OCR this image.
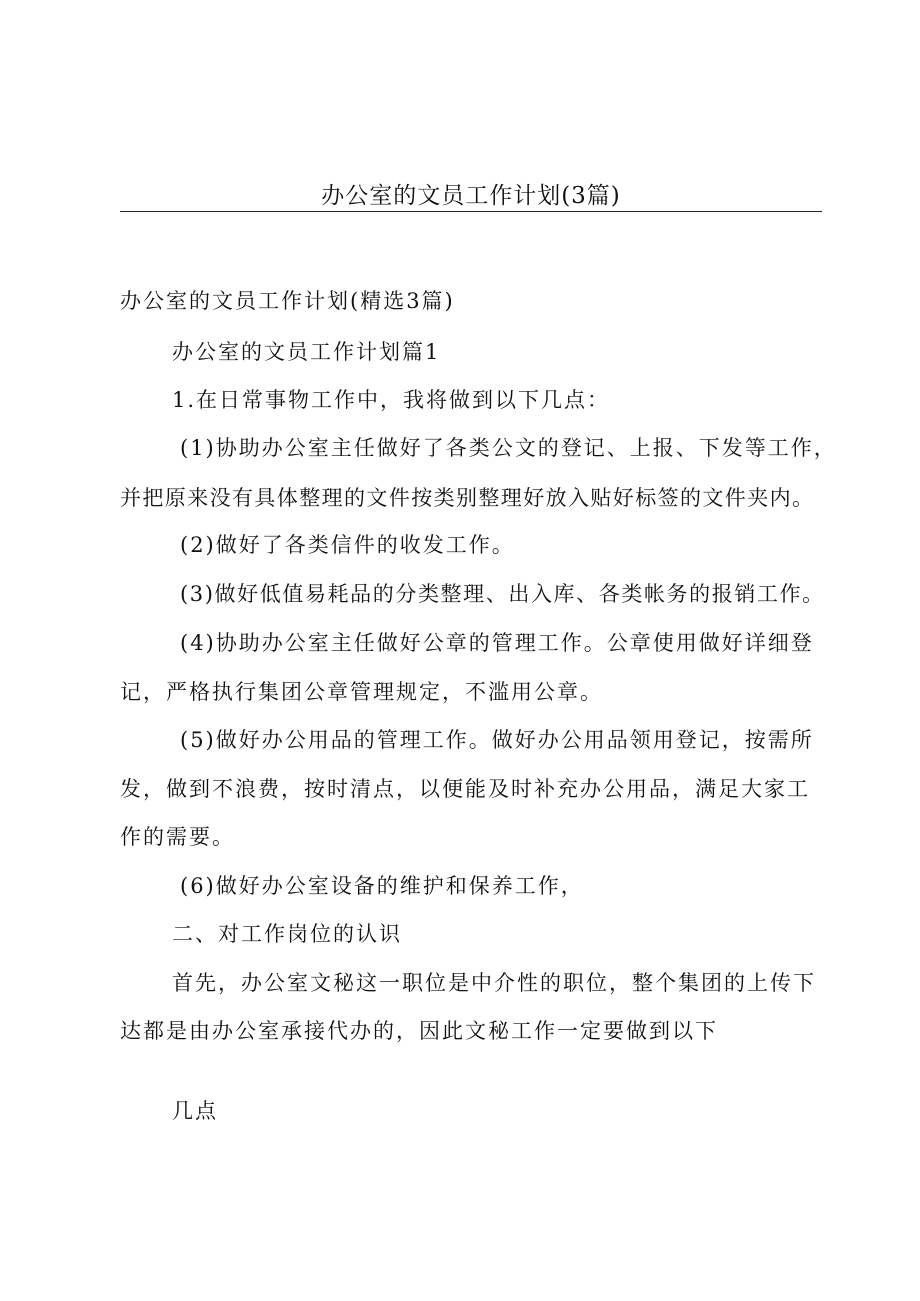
办公室的文员工作计划(3篇)
办公室的文员工作计划(精选3篇)
办公室的文员工作计划篇1
1.在日常事物工作中，我将做到以下几点：
(1)协助办公室主任做好了各类公文的登记、上报、下发等工作，
并把原来没有具体整理的文件按类别整理好放入贴好标签的文件夹内。
(2)做好了各类信件的收发工作。
(3)做好低值易耗品的分类整理、出入库、各类帐务的报销工作。
(4)协助办公室主任做好公章的管理工作。公章使用做好详细登
记，严格执行集团公章管理规定，不滥用公章。
(5)做好办公用品的管理工作。做好办公用品领用登记，按需所
发，做到不浪费，按时清点，以便能及时补充办公用品，满足大家工
作的需要。
(6)做好办公室设备的维护和保养工作，
二、对工作岗位的认识
首先，办公室文秘这一职位是中介性的职位，整个集团的上传下
达都是由办公室承接代办的，因此文秘工作一定要做到以下
几点
